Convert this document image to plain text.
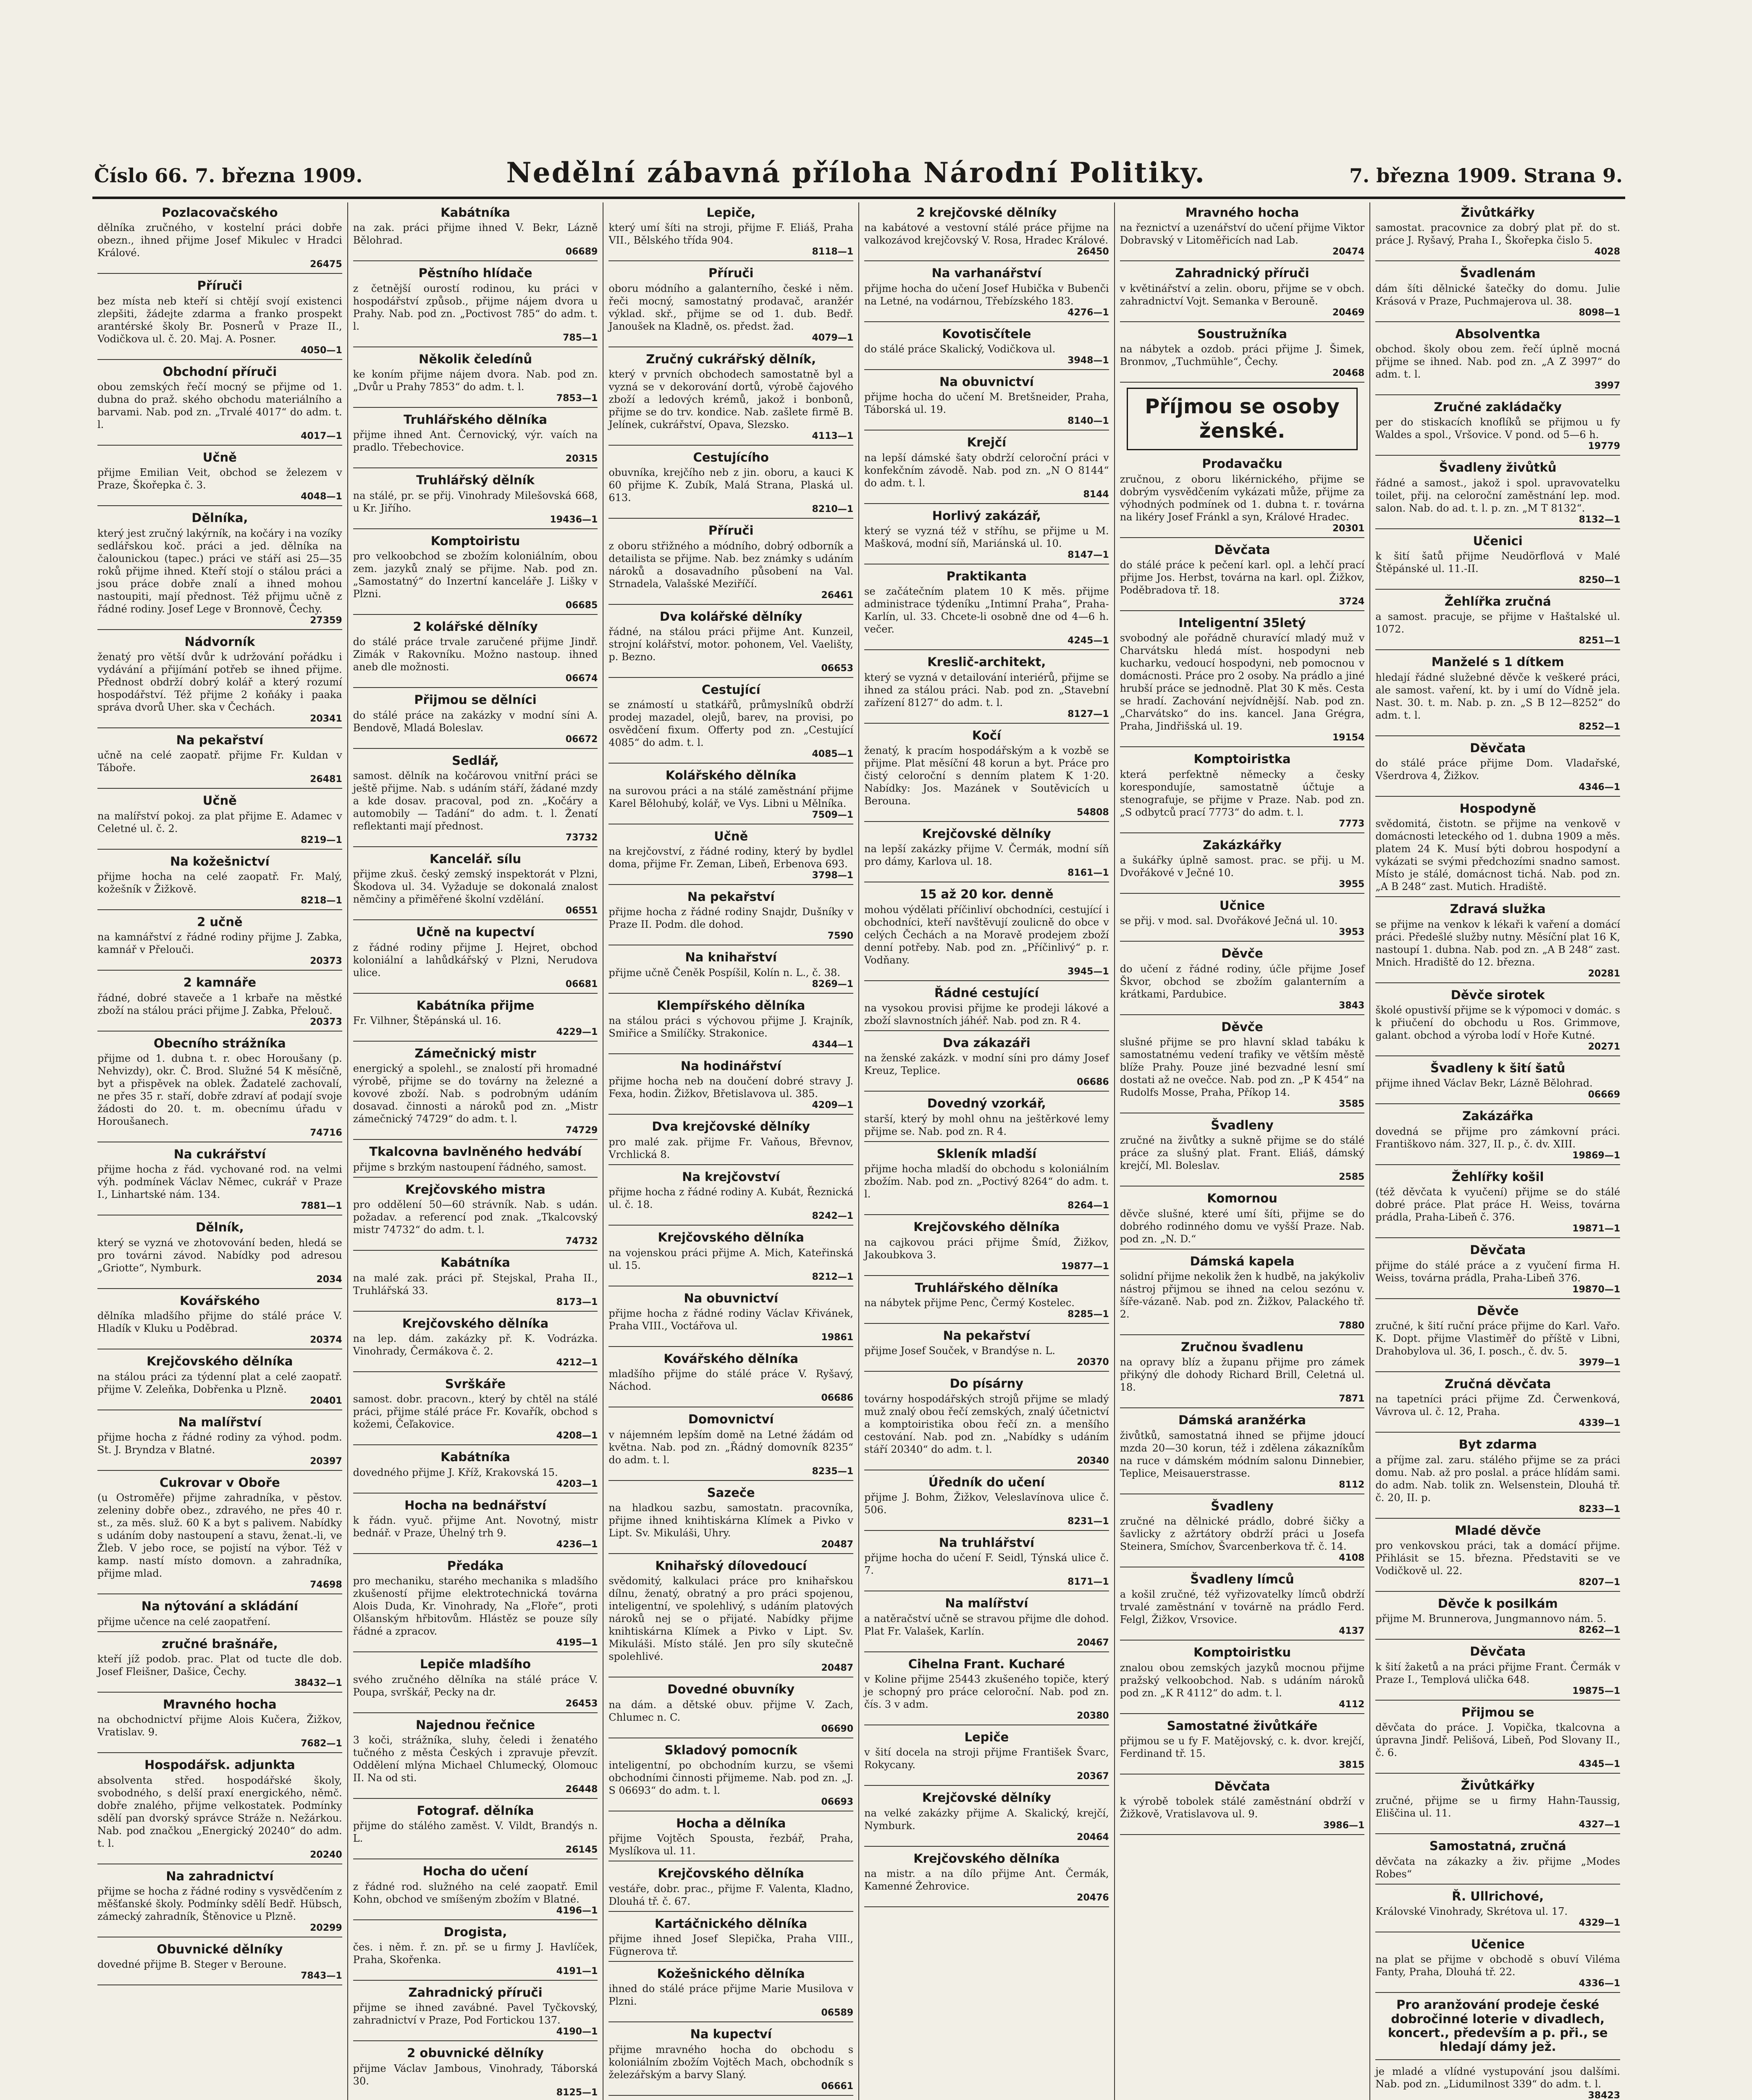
Číslo 66. 7. března 1909.	Nedělní zábavná příloha Národní Politiky.	7. března 1909. Strana 9.
Pozlacovačského
dělníka zručného, v kostelní práci dobře obezn., ihned přijme Josef Mikulec v Hradci Králové.
26475
Příruči
bez místa neb kteří si chtějí svojí existenci zlepšiti, žádejte zdarma a franko prospekt arantérské školy Br. Posnerů v Praze II., Vodičkova ul. č. 20. Maj. A. Posner.
4050—1
Obchodní příruči
obou zemských řečí mocný se přijme od 1. dubna do praž. ského obchodu materiálního a barvami. Nab. pod zn. „Trvalé 4017“ do adm. t. l.
4017—1
Učně
přijme Emilian Veit, obchod se železem v Praze, Škořepka č. 3.
4048—1
Dělníka,
který jest zručný lakýrník, na kočáry i na vozíky sedlářskou koč. práci a jed. dělníka na čalounickou (tapec.) práci ve stáří asi 25—35 roků přijme ihned. Kteří stojí o stálou práci a jsou práce dobře znalí a ihned mohou nastoupiti, mají přednost. Též přijmu učně z řádné rodiny. Josef Lege v Bronnově, Čechy.
27359
Nádvorník
ženatý pro větší dvůr k udržování pořádku i vydávání a přijímání potřeb se ihned přijme. Přednost obdrží dobrý kolář a který rozumí hospodářství. Též přijme 2 koňáky i paaka správa dvorů Uher. ska v Čechách.
20341
Na pekařství
učně na celé zaopatř. přijme Fr. Kuldan v Táboře.
26481
Učně
na malířství pokoj. za plat přijme E. Adamec v Celetné ul. č. 2.
8219—1
Na kožešnictví
přijme hocha na celé zaopatř. Fr. Malý, kožešník v Žižkově.
8218—1
2 učně
na kamnářství z řádné rodiny přijme J. Zabka, kamnář v Přelouči.
20373
2 kamnáře
řádné, dobré staveče a 1 krbaře na městké zboží na stálou práci přijme J. Zabka, Přelouč.
20373
Obecního strážníka
přijme od 1. dubna t. r. obec Horoušany (p. Nehvizdy), okr. Č. Brod. Služné 54 K měsíčně, byt a přispěvek na oblek. Žadatelé zachovalí, ne přes 35 r. staří, dobře zdraví ať podají svoje žádosti do 20. t. m. obecnímu úřadu v Horoušanech.
74716
Na cukrářství
přijme hocha z řád. vychované rod. na velmi výh. podmínek Václav Němec, cukrář v Praze I., Linhartské nám. 134.
7881—1
Dělník,
který se vyzná ve zhotovování beden, hledá se pro továrni závod. Nabídky pod adresou „Griotte“, Nymburk.
2034
Kovářského
dělníka mladšího přijme do stálé práce V. Hladík v Kluku u Poděbrad.
20374
Krejčovského dělníka
na stálou práci za týdenní plat a celé zaopatř. přijme V. Zeleňka, Dobřenka u Plzně.
20401
Na malířství
přijme hocha z řádné rodiny za výhod. podm. St. J. Bryndza v Blatné.
20397
Cukrovar v Oboře
(u Ostroměře) přijme zahradníka, v pěstov. zeleniny dobře obez., zdravého, ne přes 40 r. st., za měs. služ. 60 K a byt s palivem. Nabídky s udáním doby nastoupení a stavu, ženat.-li, ve Žleb. V jebo roce, se pojistí na výbor. Též v kamp. nastí místo domovn. a zahradníka, přijme mlad.
74698
Na nýtování a skládání
přijme učence na celé zaopatření.
zručné brašnáře,
kteří jíž podob. prac. Plat od tucte dle dob. Josef Fleišner, Dašice, Čechy.
38432—1
Mravného hocha
na obchodnictví přijme Alois Kučera, Žižkov, Vratislav. 9.
7682—1
Hospodářsk. adjunkta
absolventa střed. hospodářské školy, svobodného, s delší praxí energického, němč. dobře znalého, přijme velkostatek. Podmínky sdělí pan dvorský správce Stráže n. Nežárkou. Nab. pod značkou „Energický 20240“ do adm. t. l.
20240
Na zahradnictví
přijme se hocha z řádné rodiny s vysvědčením z měšťanské školy. Podmínky sdělí Bedř. Hübsch, zámecký zahradník, Štěnovice u Plzně.
20299
Obuvnické dělníky
dovedné přijme B. Steger v Beroune.
7843—1
Kabátníka
na zak. práci přijme ihned V. Bekr, Lázně Bělohrad.
06689
Pěstního hlídače
z četnější ourostí rodinou, ku práci v hospodářství způsob., přijme nájem dvora u Prahy. Nab. pod zn. „Poctivost 785“ do adm. t. l.
785—1
Několik čeledínů
ke koním přijme nájem dvora. Nab. pod zn. „Dvůr u Prahy 7853“ do adm. t. l.
7853—1
Truhlářského dělníka
přijme ihned Ant. Černovický, výr. vaích na pradlo. Třebechovice.
20315
Truhlářský dělník
na stálé, pr. se přij. Vinohrady Milešovská 668, u Kr. Jiřího.
19436—1
Komptoiristu
pro velkoobchod se zbožím koloniálním, obou zem. jazyků znalý se přijme. Nab. pod zn. „Samostatný“ do Inzertní kanceláře J. Lišky v Plzni.
06685
2 kolářské dělníky
do stálé práce trvale zaručené přijme Jindř. Zimák v Rakovníku. Možno nastoup. ihned aneb dle možnosti.
06674
Přijmou se dělníci
do stálé práce na zakázky v modní síni A. Bendově, Mladá Boleslav.
06672
Sedlář,
samost. dělník na kočárovou vnitřní práci se ještě přijme. Nab. s udáním stáří, žádané mzdy a kde dosav. pracoval, pod zn. „Kočáry a automobily — Tadání“ do adm. t. l. Ženatí reflektanti mají přednost.
73732
Kancelář. sílu
přijme zkuš. český zemský inspektorát v Plzni, Škodova ul. 34. Vyžaduje se dokonalá znalost němčiny a přiměřené školní vzdělání.
06551
Učně na kupectví
z řádné rodiny přijme J. Hejret, obchod koloniální a lahůdkářský v Plzni, Nerudova ulice.
06681
Kabátníka přijme
Fr. Vilhner, Štěpánská ul. 16.
4229—1
Zámečnický mistr
energický a spolehl., se znalostí při hromadné výrobě, přijme se do továrny na železné a kovové zboží. Nab. s podrobným udáním dosavad. činnosti a nároků pod zn. „Mistr zámečnický 74729“ do adm. t. l.
74729
Tkalcovna bavlněného hedvábí
přijme s brzkým nastoupení řádného, samost.
Krejčovského mistra
pro oddělení 50—60 strávník. Nab. s udán. požadav. a referencí pod znak. „Tkalcovský mistr 74732“ do adm. t. l.
74732
Kabátníka
na malé zak. práci př. Stejskal, Praha II., Truhlářská 33.
8173—1
Krejčovského dělníka
na lep. dám. zakázky př. K. Vodrázka. Vinohrady, Čermákova č. 2.
4212—1
Svrškáře
samost. dobr. pracovn., který by chtěl na stálé práci, přijme stálé práce Fr. Kovařík, obchod s kožemi, Čeľakovice.
4208—1
Kabátníka
dovedného přijme J. Kříž, Krakovská 15.
4203—1
Hocha na bednářství
k řádn. vyuč. přijme Ant. Novotný, mistr bednář. v Praze, Úhelný trh 9.
4236—1
Předáka
pro mechaniku, starého mechanika s mladšího zkušeností přijme elektrotechnická továrna Alois Duda, Kr. Vinohrady, Na „Floře“, proti Olšanským hřbitovům. Hlástěz se pouze síly řádné a zpracov.
4195—1
Lepiče mladšího
svého zručného dělníka na stálé práce V. Poupa, svrškář, Pecky na dr.
26453
Najednou řečnice
3 koči, strážníka, sluhy, čeledi i ženatého tučného z města Českých i zpravuje převzít. Oddělení mlýna Michael Chlumecký, Olomouc II. Na od sti.
26448
Fotograf. dělníka
přijme do stálého zaměst. V. Vildt, Brandýs n. L.
26145
Hocha do učení
z řádné rod. služného na celé zaopatř. Emil Kohn, obchod ve smíšeným zbožím v Blatné.
4196—1
Drogista,
čes. i něm. ř. zn. př. se u firmy J. Havlíček, Praha, Skořenka.
4191—1
Zahradnický příruči
přijme se ihned zavábné. Pavel Tyčkovský, zahradnictví v Praze, Pod Fortickou 137.
4190—1
2 obuvnické dělníky
přijme Václav Jambous, Vinohrady, Táborská 30.
8125—1
Lepiče,
který umí šíti na stroji, přijme F. Eliáš, Praha VII., Bělského třída 904.
8118—1
Příruči
oboru módního a galanterního, české i něm. řeči mocný, samostatný prodavač, aranžér výklad. skř., přijme se od 1. dub. Bedř. Janoušek na Kladně, os. předst. žad.
4079—1
Zručný cukrářský dělník,
který v prvních obchodech samostatně byl a vyzná se v dekorování dortů, výrobě čajového zboží a ledových krémů, jakož i bonbonů, přijme se do trv. kondice. Nab. zašlete firmě B. Jelínek, cukrářství, Opava, Slezsko.
4113—1
Cestujícího
obuvníka, krejčího neb z jin. oboru, a kauci K 60 přijme K. Zubík, Malá Strana, Plaská ul. 613.
8210—1
Příruči
z oboru střižného a módního, dobrý odborník a detailista se přijme. Nab. bez známky s udáním nároků a dosavadního působení na Val. Strnadela, Valašské Meziříčí.
26461
Dva kolářské dělníky
řádné, na stálou práci přijme Ant. Kunzeil, strojní kolářství, motor. pohonem, Vel. Vaelišty, p. Bezno.
06653
Cestující
se známostí u statkářů, průmyslníků obdrží prodej mazadel, olejů, barev, na provisi, po osvědčení fixum. Offerty pod zn. „Cestující 4085“ do adm. t. l.
4085—1
Kolářského dělníka
na surovou práci a na stálé zaměstnání přijme Karel Bělohubý, kolář, ve Vys. Libni u Mělníka.
7509—1
Učně
na krejčovství, z řádné rodiny, který by bydlel doma, přijme Fr. Zeman, Libeň, Erbenova 693.
3798—1
Na pekařství
přijme hocha z řádné rodiny Snajdr, Dušníky v Praze II. Podm. dle dohod.
7590
Na knihařství
přijme učně Čeněk Pospíšil, Kolín n. L., č. 38.
8269—1
Klempířského dělníka
na stálou práci s výchovou přijme J. Krajník, Smiřice a Smilíčky. Strakonice.
4344—1
Na hodinářství
přijme hocha neb na doučení dobré stravy J. Fexa, hodin. Žižkov, Břetislavova ul. 385.
4209—1
Dva krejčovské dělníky
pro malé zak. přijme Fr. Vaňous, Břevnov, Vrchlická 8.
Na krejčovství
přijme hocha z řádné rodiny A. Kubát, Řeznická ul. č. 18.
8242—1
Krejčovského dělníka
na vojenskou práci přijme A. Mich, Kateřinská ul. 15.
8212—1
Na obuvnictví
přijme hocha z řádné rodiny Václav Křivánek, Praha VIII., Voctářova ul.
19861
Kovářského dělníka
mladšího přijme do stálé práce V. Ryšavý, Náchod.
06686
Domovnictví
v nájemném lepším domě na Letné žádám od května. Nab. pod zn. „Řádný domovník 8235“ do adm. t. l.
8235—1
Sazeče
na hladkou sazbu, samostatn. pracovníka, přijme ihned knihtiskárna Klímek a Pivko v Lipt. Sv. Mikuláši, Uhry.
20487
Knihařský dílovedoucí
svědomitý, kalkulaci práce pro knihařskou dílnu, ženatý, obratný a pro práci spojenou, inteligentní, ve spolehlivý, s udáním platových nároků nej se o přijaté. Nabídky přijme knihtiskárna Klímek a Pivko v Lipt. Sv. Mikuláši. Místo stálé. Jen pro síly skutečně spolehlivé.
20487
Dovedné obuvníky
na dám. a dětské obuv. přijme V. Zach, Chlumec n. C.
06690
Skladový pomocník
inteligentní, po obchodním kurzu, se všemi obchodními činnosti přijmeme. Nab. pod zn. „J. S 06693“ do adm. t. l.
06693
Hocha a dělníka
přijme Vojtěch Spousta, řezbář, Praha, Myslíkova ul. 11.
Krejčovského dělníka
vestáře, dobr. prac., přijme F. Valenta, Kladno, Dlouhá tř. č. 67.
Kartáčnického dělníka
přijme ihned Josef Slepička, Praha VIII., Fügnerova tř.
Kožešnického dělníka
ihned do stálé práce přijme Marie Musilova v Plzni.
06589
Na kupectví
přijme mravného hocha do obchodu s koloniálním zbožím Vojtěch Mach, obchodník s železářským a barvy Slaný.
06661
2 krejčovské dělníky
na kabátové a vestovní stálé práce přijme na valkozávod krejčovský V. Rosa, Hradec Králové.
26450
Na varhanářství
přijme hocha do učení Josef Hubička v Bubenči na Letné, na vodárnou, Třebízského 183.
4276—1
Kovotisčítele
do stálé práce Skalický, Vodičkova ul.
3948—1
Na obuvnictví
přijme hocha do učení M. Bretšneider, Praha, Táborská ul. 19.
8140—1
Krejčí
na lepší dámské šaty obdrží celoroční práci v konfekčním závodě. Nab. pod zn. „N O 8144“ do adm. t. l.
8144
Horlivý zakázář,
který se vyzná též v stříhu, se přijme u M. Mašková, modní síň, Mariánská ul. 10.
8147—1
Praktikanta
se začátečním platem 10 K měs. přijme administrace týdeníku „Intimní Praha“, Praha-Karlín, ul. 33. Chcete-li osobně dne od 4—6 h. večer.
4245—1
Kreslič-architekt,
který se vyzná v detailování interiérů, přijme se ihned za stálou práci. Nab. pod zn. „Stavební zařízení 8127“ do adm. t. l.
8127—1
Kočí
ženatý, k pracím hospodářským a k vozbě se přijme. Plat měsíční 48 korun a byt. Práce pro čistý celoroční s denním platem K 1·20. Nabídky: Jos. Mazánek v Soutěvicích u Berouna.
54808
Krejčovské dělníky
na lepší zakázky přijme V. Čermák, modní síň pro dámy, Karlova ul. 18.
8161—1
15 až 20 kor. denně
mohou výdělati příčinliví obchodníci, cestující i obchodníci, kteří navštěvují zoulicně do obce v celých Čechách a na Moravě prodejem zboží denní potřeby. Nab. pod zn. „Příčinlivý“ p. r. Vodňany.
3945—1
Řádné cestující
na vysokou provisi přijme ke prodeji lákové a zboží slavnostních jáhéř. Nab. pod zn. R 4.
Dva zákazáři
na ženské zakázk. v modní síni pro dámy Josef Kreuz, Teplice.
06686
Dovedný vzorkář,
starší, který by mohl ohnu na ještěrkové lemy přijme se. Nab. pod zn. R 4.
Skleník mladší
přijme hocha mladší do obchodu s koloniálním zbožím. Nab. pod zn. „Poctivý 8264“ do adm. t. l.
8264—1
Krejčovského dělníka
na cajkovou práci přijme Šmíd, Žižkov, Jakoubkova 3.
19877—1
Truhlářského dělníka
na nábytek přijme Penc, Čermý Kostelec.
8285—1
Na pekařství
přijme Josef Souček, v Brandýse n. L.
20370
Do písárny
továrny hospodářských strojů přijme se mladý muž znalý obou řečí zemských, znalý účetnictví a komptoiristika obou řečí zn. a menšího cestování. Nab. pod zn. „Nabídky s udáním stáří 20340“ do adm. t. l.
20340
Úředník do učení
přijme J. Bohm, Žižkov, Veleslavínova ulice č. 506.
8231—1
Na truhlářství
přijme hocha do učení F. Seidl, Týnská ulice č. 7.
8171—1
Na malířství
a natěračství učně se stravou přijme dle dohod. Plat Fr. Valašek, Karlín.
20467
Cihelna Frant. Kucharé
v Koline přijme 25443 zkušeného topiče, který je schopný pro práce celoroční. Nab. pod zn. čís. 3 v adm.
20380
Lepiče
v šití docela na stroji přijme František Švarc, Rokycany.
20367
Krejčovské dělníky
na velké zakázky přijme A. Skalický, krejčí, Nymburk.
20464
Krejčovského dělníka
na mistr. a na dílo přijme Ant. Čermák, Kamenné Žehrovice.
20476
Mravného hocha
na řeznictví a uzenářství do učení přijme Viktor Dobravský v Litoměřicích nad Lab.
20474
Zahradnický příruči
v květinářství a zelin. oboru, přijme se v obch. zahradnictví Vojt. Semanka v Berouně.
20469
Soustružníka
na nábytek a ozdob. práci přijme J. Šimek, Bronmov, „Tuchmühle“, Čechy.
20468
Příjmou se osoby ženské.
Prodavačku
zručnou, z oboru likérnického, přijme se dobrým vysvědčením vykázati může, přijme za výhodných podmínek od 1. dubna t. r. továrna na likéry Josef Fránkl a syn, Králové Hradec.
20301
Děvčata
do stálé práce k pečení karl. opl. a lehčí prací přijme Jos. Herbst, továrna na karl. opl. Žižkov, Poděbradova tř. 18.
3724
Inteligentní 35letý
svobodný ale pořádně churavící mladý muž v Charvátsku hledá míst. hospodyni neb kucharku, vedoucí hospodyni, neb pomocnou v domácnosti. Práce pro 2 osoby. Na prádlo a jiné hrubší práce se jednodně. Plat 30 K měs. Cesta se hradí. Zachování nejvídnější. Nab. pod zn. „Charvátsko“ do ins. kancel. Jana Grégra, Praha, Jindřišská ul. 19.
19154
Komptoiristka
která perfektně německy a česky korespondujíe, samostatně účtuje a stenografuje, se přijme v Praze. Nab. pod zn. „S odbytců prací 7773“ do adm. t. l.
7773
Zakázkářky
a šukářky úplně samost. prac. se přij. u M. Dvořákové v Ječné 10.
3955
Učnice
se přij. v mod. sal. Dvořákové Ječná ul. 10.
3953
Děvče
do učení z řádné rodiny, účle přijme Josef Škvor, obchod se zbožím galanterním a krátkami, Pardubice.
3843
Děvče
slušné přijme se pro hlavní sklad tabáku k samostatnému vedení trafiky ve větším městě blíže Prahy. Pouze jiné bezvadné lesní smí dostati až ne ovečce. Nab. pod zn. „P K 454“ na Rudolfs Mosse, Praha, Příkop 14.
3585
Švadleny
zručné na živůtky a sukně přijme se do stálé práce za slušný plat. Frant. Eliáš, dámský krejčí, Ml. Boleslav.
2585
Komornou
děvče slušné, které umí šíti, přijme se do dobrého rodinného domu ve vyšší Praze. Nab. pod zn. „N. D.“
Dámská kapela
solidní přijme nekolik žen k hudbě, na jakýkoliv nástroj přijmou se ihned na celou sezónu v. šíře-vázaně. Nab. pod zn. Žižkov, Palackého tř. 2.
7880
Zručnou švadlenu
na opravy blíz a županu přijme pro zámek přikýný dle dohody Richard Brill, Celetná ul. 18.
7871
Dámská aranžérka
živůtků, samostatná ihned se přijme jdoucí mzda 20—30 korun, též i zdělena zákazníkům na ruce v dámském módním salonu Dinnebier, Teplice, Meisauerstrasse.
8112
Švadleny
zručné na dělnické prádlo, dobré šičky a šavlicky z ažrtátory obdrží práci u Josefa Steinera, Smíchov, Švarcenberkova tř. č. 14.
4108
Švadleny límců
a košil zručné, též vyřizovatelky límců obdrží trvalé zaměstnání v továrně na prádlo Ferd. Felgl, Žižkov, Vrsovice.
4137
Komptoiristku
znalou obou zemských jazyků mocnou přijme pražský velkoobchod. Nab. s udáním nároků pod zn. „K R 4112“ do adm. t. l.
4112
Samostatné živůtkáře
přijmou se u fy F. Matějovský, c. k. dvor. krejčí, Ferdinand tř. 15.
3815
Děvčata
k výrobě tobolek stálé zaměstnání obdrží v Žižkově, Vratislavova ul. 9.
3986—1
Živůtkářky
samostat. pracovnice za dobrý plat př. do st. práce J. Ryšavý, Praha I., Škořepka čislo 5.
4028
Švadlenám
dám šíti dělnické šatečky do domu. Julie Krásová v Praze, Puchmajerova ul. 38.
8098—1
Absolventka
obchod. školy obou zem. řečí úplně mocná přijme se ihned. Nab. pod zn. „A Z 3997“ do adm. t. l.
3997
Zručné zakládačky
per do stiskacích knoflíků se přijmou u fy Waldes a spol., Vršovice. V pond. od 5—6 h.
19779
Švadleny živůtků
řádné a samost., jakož i spol. upravovatelku toilet, přij. na celoroční zaměstnání lep. mod. salon. Nab. do ad. t. l. p. zn. „M T 8132“.
8132—1
Učenici
k šití šatů přijme Neudörflová v Malé Štěpánské ul. 11.-II.
8250—1
Žehlířka zručná
a samost. pracuje, se přijme v Haštalské ul. 1072.
8251—1
Manželé s 1 dítkem
hledají řádné služebné děvče k veškeré práci, ale samost. vaření, kt. by i umí do Vídně jela. Nast. 30. t. m. Nab. p. zn. „S B 12—8252“ do adm. t. l.
8252—1
Děvčata
do stálé práce přijme Dom. Vladařské, Všerdrova 4, Žižkov.
4346—1
Hospodyně
svědomitá, čistotn. se přijme na venkově v domácnosti leteckého od 1. dubna 1909 a měs. platem 24 K. Musí býti dobrou hospodyní a vykázati se svými předchozími snadno samost. Místo je stálé, domácnost tichá. Nab. pod zn. „A B 248“ zast. Mutich. Hradiště.
Zdravá služka
se přijme na venkov k lékaři k vaření a domácí práci. Předešlé služby nutny. Měsíční plat 16 K, nastoupí 1. dubna. Nab. pod zn. „A B 248“ zast. Mnich. Hradiště do 12. března.
20281
Děvče sirotek
školé opustivší přijme se k výpomoci v domác. s k přiučení do obchodu u Ros. Grimmove, galant. obchod a výroba lodí v Hoře Kutné.
20271
Švadleny k šití šatů
přijme ihned Václav Bekr, Lázně Bělohrad.
06669
Zakázářka
dovedná se přijme pro zámkovní práci. Františkovo nám. 327, II. p., č. dv. XIII.
19869—1
Žehlířky košil
(též děvčata k vyučení) přijme se do stálé dobré práce. Plat práce H. Weiss, továrna prádla, Praha-Libeň č. 376.
19871—1
Děvčata
přijme do stálé práce a z vyučení firma H. Weiss, továrna prádla, Praha-Libeň 376.
19870—1
Děvče
zručné, k šití ruční práce přijme do Karl. Vařo. K. Dopt. přijme Vlastiměř do příště v Libni, Drahobylova ul. 36, I. posch., č. dv. 5.
3979—1
Zručná děvčata
na tapetníci práci přijme Zd. Čerwenková, Vávrova ul. č. 12, Praha.
4339—1
Byt zdarma
a příjme zal. zaru. stálého přijme se za práci domu. Nab. až pro poslal. a práce hlídám sami. do adm. Nab. tolik zn. Welsenstein, Dlouhá tř. č. 20, II. p.
8233—1
Mladé děvče
pro venkovskou práci, tak a domácí přijme. Přihlásit se 15. března. Představiti se ve Vodičkově ul. 22.
8207—1
Děvče k posilkám
přijme M. Brunnerova, Jungmannovo nám. 5.
8262—1
Děvčata
k šití žaketů a na práci přijme Frant. Čermák v Praze I., Templová ulička 648.
19875—1
Přijmou se
děvčata do práce. J. Vopička, tkalcovna a úpravna Jindř. Pelišová, Libeň, Pod Slovany II., č. 6.
4345—1
Živůtkářky
zručné, přijme se u firmy Hahn-Taussig, Eliščina ul. 11.
4327—1
Samostatná, zručná
děvčata na zákazky a živ. přijme „Modes Robes“
Ř. Ullrichové,
Královské Vinohrady, Skrétova ul. 17.
4329—1
Učenice
na plat se přijme v obchodě s obuví Viléma Fanty, Praha, Dlouhá tř. 22.
4336—1
Pro aranžování prodeje české dobročinné loterie v divadlech, koncert., především a p. při., se hledají dámy jež.
je mladé a vlídné vystupování jsou dalšími. Nab. pod zn. „Lidumilnost 339“ do adm. t. l.
38423
